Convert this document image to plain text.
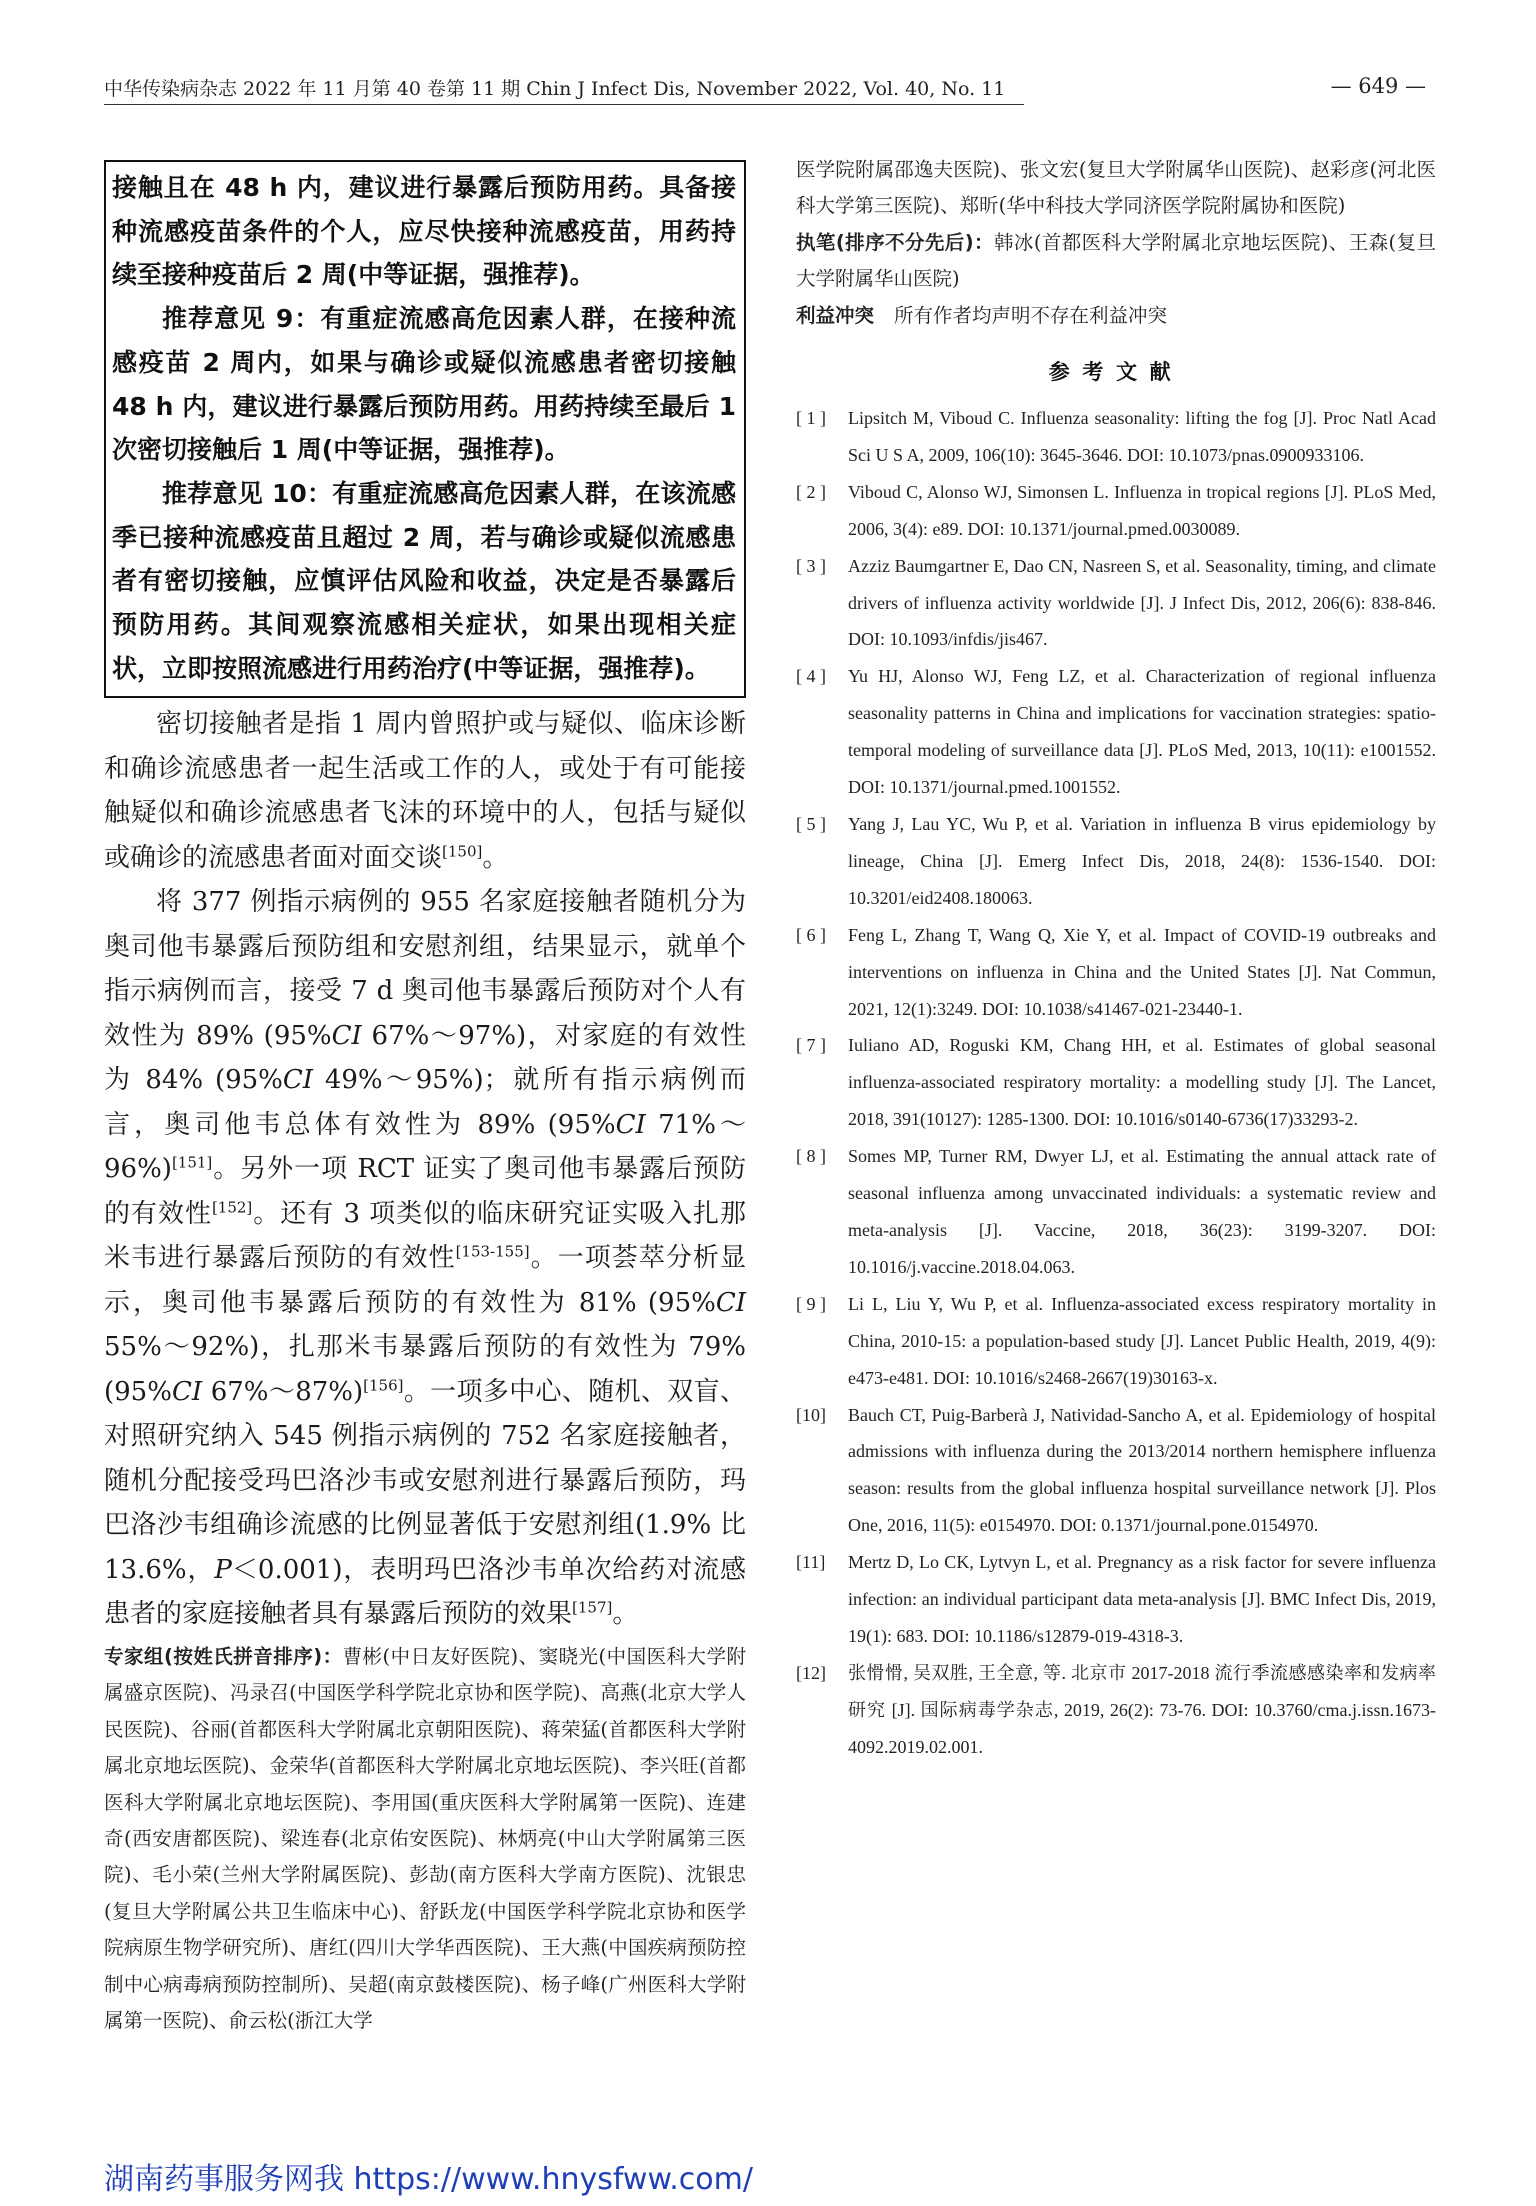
中华传染病杂志 2022 年 11 月第 40 卷第 11 期 Chin J Infect Dis, November 2022, Vol. 40, No. 11	— 649 —

接触且在 48 h 内，建议进行暴露后预防用药。具备接种流感疫苗条件的个人，应尽快接种流感疫苗，用药持续至接种疫苗后 2 周(中等证据，强推荐)。

推荐意见 9：有重症流感高危因素人群，在接种流感疫苗 2 周内，如果与确诊或疑似流感患者密切接触 48 h 内，建议进行暴露后预防用药。用药持续至最后 1 次密切接触后 1 周(中等证据，强推荐)。

推荐意见 10：有重症流感高危因素人群，在该流感季已接种流感疫苗且超过 2 周，若与确诊或疑似流感患者有密切接触，应慎评估风险和收益，决定是否暴露后预防用药。其间观察流感相关症状，如果出现相关症状，立即按照流感进行用药治疗(中等证据，强推荐)。

密切接触者是指 1 周内曾照护或与疑似、临床诊断和确诊流感患者一起生活或工作的人，或处于有可能接触疑似和确诊流感患者飞沫的环境中的人，包括与疑似或确诊的流感患者面对面交谈[150]。

将 377 例指示病例的 955 名家庭接触者随机分为奥司他韦暴露后预防组和安慰剂组，结果显示，就单个指示病例而言，接受 7 d 奥司他韦暴露后预防对个人有效性为 89% (95%CI 67%～97%)，对家庭的有效性为 84% (95%CI 49%～95%)；就所有指示病例而言，奥司他韦总体有效性为 89% (95%CI 71%～96%)[151]。另外一项 RCT 证实了奥司他韦暴露后预防的有效性[152]。还有 3 项类似的临床研究证实吸入扎那米韦进行暴露后预防的有效性[153-155]。一项荟萃分析显示，奥司他韦暴露后预防的有效性为 81% (95%CI 55%～92%)，扎那米韦暴露后预防的有效性为 79% (95%CI 67%～87%)[156]。一项多中心、随机、双盲、对照研究纳入 545 例指示病例的 752 名家庭接触者，随机分配接受玛巴洛沙韦或安慰剂进行暴露后预防，玛巴洛沙韦组确诊流感的比例显著低于安慰剂组(1.9% 比 13.6%，P＜0.001)，表明玛巴洛沙韦单次给药对流感患者的家庭接触者具有暴露后预防的效果[157]。

专家组(按姓氏拼音排序)：曹彬(中日友好医院)、窦晓光(中国医科大学附属盛京医院)、冯录召(中国医学科学院北京协和医学院)、高燕(北京大学人民医院)、谷丽(首都医科大学附属北京朝阳医院)、蒋荣猛(首都医科大学附属北京地坛医院)、金荣华(首都医科大学附属北京地坛医院)、李兴旺(首都医科大学附属北京地坛医院)、李用国(重庆医科大学附属第一医院)、连建奇(西安唐都医院)、梁连春(北京佑安医院)、林炳亮(中山大学附属第三医院)、毛小荣(兰州大学附属医院)、彭劼(南方医科大学南方医院)、沈银忠(复旦大学附属公共卫生临床中心)、舒跃龙(中国医学科学院北京协和医学院病原生物学研究所)、唐红(四川大学华西医院)、王大燕(中国疾病预防控制中心病毒病预防控制所)、吴超(南京鼓楼医院)、杨子峰(广州医科大学附属第一医院)、俞云松(浙江大学
医学院附属邵逸夫医院)、张文宏(复旦大学附属华山医院)、赵彩彦(河北医科大学第三医院)、郑昕(华中科技大学同济医学院附属协和医院)
执笔(排序不分先后)：韩冰(首都医科大学附属北京地坛医院)、王森(复旦大学附属华山医院)
利益冲突 所有作者均声明不存在利益冲突
参考文献
[ 1 ] Lipsitch M, Viboud C. Influenza seasonality: lifting the fog [J]. Proc Natl Acad Sci U S A, 2009, 106(10): 3645-3646. DOI: 10.1073/pnas.0900933106.
[ 2 ] Viboud C, Alonso WJ, Simonsen L. Influenza in tropical regions [J]. PLoS Med, 2006, 3(4): e89. DOI: 10.1371/journal.pmed.0030089.
[ 3 ] Azziz Baumgartner E, Dao CN, Nasreen S, et al. Seasonality, timing, and climate drivers of influenza activity worldwide [J]. J Infect Dis, 2012, 206(6): 838-846. DOI: 10.1093/infdis/jis467.
[ 4 ] Yu HJ, Alonso WJ, Feng LZ, et al. Characterization of regional influenza seasonality patterns in China and implications for vaccination strategies: spatio-temporal modeling of surveillance data [J]. PLoS Med, 2013, 10(11): e1001552. DOI: 10.1371/journal.pmed.1001552.
[ 5 ] Yang J, Lau YC, Wu P, et al. Variation in influenza B virus epidemiology by lineage, China [J]. Emerg Infect Dis, 2018, 24(8): 1536-1540. DOI: 10.3201/eid2408.180063.
[ 6 ] Feng L, Zhang T, Wang Q, Xie Y, et al. Impact of COVID-19 outbreaks and interventions on influenza in China and the United States [J]. Nat Commun, 2021, 12(1):3249. DOI: 10.1038/s41467-021-23440-1.
[ 7 ] Iuliano AD, Roguski KM, Chang HH, et al. Estimates of global seasonal influenza-associated respiratory mortality: a modelling study [J]. The Lancet, 2018, 391(10127): 1285-1300. DOI: 10.1016/s0140-6736(17)33293-2.
[ 8 ] Somes MP, Turner RM, Dwyer LJ, et al. Estimating the annual attack rate of seasonal influenza among unvaccinated individuals: a systematic review and meta-analysis [J]. Vaccine, 2018, 36(23): 3199-3207. DOI: 10.1016/j.vaccine.2018.04.063.
[ 9 ] Li L, Liu Y, Wu P, et al. Influenza-associated excess respiratory mortality in China, 2010-15: a population-based study [J]. Lancet Public Health, 2019, 4(9): e473-e481. DOI: 10.1016/s2468-2667(19)30163-x.
[10] Bauch CT, Puig-Barberà J, Natividad-Sancho A, et al. Epidemiology of hospital admissions with influenza during the 2013/2014 northern hemisphere influenza season: results from the global influenza hospital surveillance network [J]. Plos One, 2016, 11(5): e0154970. DOI: 0.1371/journal.pone.0154970.
[11] Mertz D, Lo CK, Lytvyn L, et al. Pregnancy as a risk factor for severe influenza infection: an individual participant data meta-analysis [J]. BMC Infect Dis, 2019, 19(1): 683. DOI: 10.1186/s12879-019-4318-3.
[12] 张愲愲, 吴双胜, 王全意, 等. 北京市 2017-2018 流行季流感感染率和发病率研究 [J]. 国际病毒学杂志, 2019, 26(2): 73-76. DOI: 10.3760/cma.j.issn.1673-4092.2019.02.001.
湖南药事服务网我 https://www.hnysfww.com/
